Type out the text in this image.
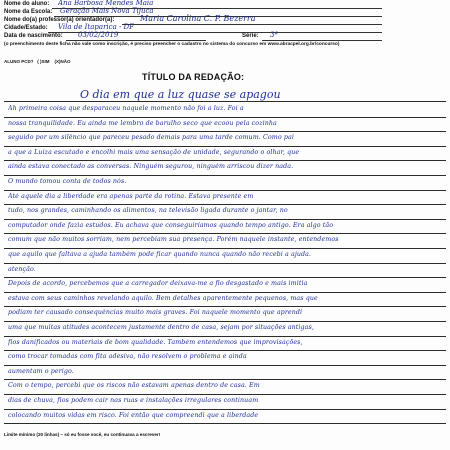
Nome do aluno: Ana Barbosa Mendes Maia
Nome da Escola: Geração Mais Nova Tijuca
Nome do(a) professor(a) orientador(a):	Maria Carolina C. P. Bezerra
Cidade/Estado: Vila de Itaparica - DF
Data de nascimento: 03/02/2019	Série: 3ª
(o preenchimento deste ficha não vale como inscrição, é preciso preencher o cadastro no sistema do concurso em www.abracpel.org.br/concurso)
ALUNO PCD? ( )SIM (X)NÃO
TÍTULO DA REDAÇÃO:
O dia em que a luz quase se apagou
Ah primeira coisa que desparaceu naquele momento não foi a luz. Foi a
nossa tranquilidade. Eu ainda me lembro de barulho seco que ecoou pela cozinha
seguido por um silêncio que pareceu pesado demais para uma tarde comum. Como pai
a que a Luiza escutado e encolhi mais uma sensação de unidade, segurando o olhar, que
ainda estava conectado as conversas. Ninguém segurou, ninguém arriscou dizer nada.
O mundo tomou conta de todos nós.
Até aquele dia a liberdade era apenas parte da rotina. Estava presente em
tudo, nos grandes, caminhando os alimentos, na televisão ligada durante o jantar, no
computador onde fazia estudos. Eu achava que conseguiríamos quando tempo antigo. Era algo tão
comum que não muitos sorriam, nem percebiam sua presença. Porém naquele instante, entendemos
que aquilo que faltava a ajuda também pode ficar quando nunca quando não recebi a ajuda.
atenção.
Depois de acordo, percebemos que a carregador deixava-me a fio desgastado e mais imitia
estava com seus caminhos revelando aquilo. Bem detalhes aparentemente pequenos, mas que
podiam ter causado consequências muito mais graves. Foi naquele momento que aprendi
uma que muitas atitudes acontecem justamente dentro de casa, sejam por situações antigas,
fios danificados ou materiais de bom qualidade. Também entendemos que improvisações,
como trocar tomadas com fita adesiva, não resolvem o problema e ainda
aumentam o perigo.
Com o tempo, percebi que os riscos não estavam apenas dentro de casa. Em
dias de chuva, fios podem cair nas ruas e instalações irregulares continuam
colocando muitos vidas em risco. Foi então que compreendi que a liberdade
Limite mínimo (20 linhas) – só eu fosse você, eu continuava a escrever!
